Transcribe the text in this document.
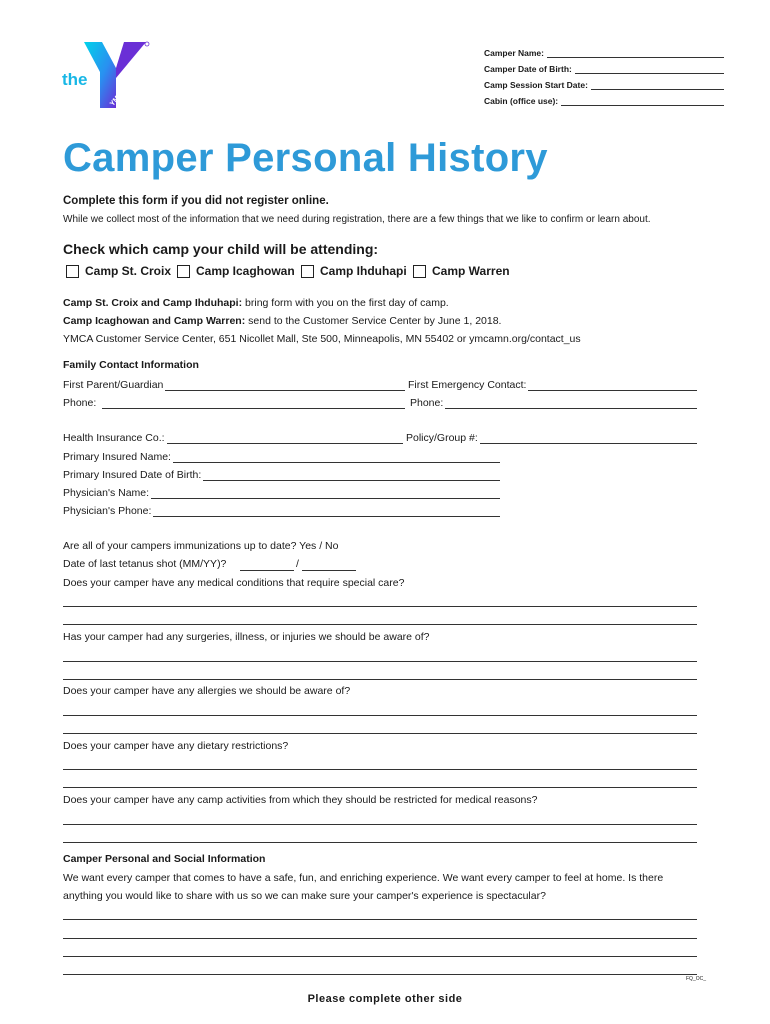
the
YMCA
Camper Name:
Camper Date of Birth:
Camp Session Start Date:
Cabin (office use):
Camper Personal History
Complete this form if you did not register online.
While we collect most of the information that we need during registration, there are a few things that we like to confirm or learn about.
Check which camp your child will be attending:
Camp St. Croix Camp Icaghowan Camp Ihduhapi Camp Warren
Camp St. Croix and Camp Ihduhapi: bring form with you on the first day of camp.
Camp Icaghowan and Camp Warren: send to the Customer Service Center by June 1, 2018.
YMCA Customer Service Center, 651 Nicollet Mall, Ste 500, Minneapolis, MN 55402 or ymcamn.org/contact_us
Family Contact Information
First Parent/Guardian	First Emergency Contact:
Phone:	Phone:
Health Insurance Co.:	Policy/Group #:
Primary Insured Name:
Primary Insured Date of Birth:
Physician's Name:
Physician's Phone:
Are all of your campers immunizations up to date? Yes / No
Date of last tetanus shot (MM/YY)?	/
Does your camper have any medical conditions that require special care?
Has your camper had any surgeries, illness, or injuries we should be aware of?
Does your camper have any allergies we should be aware of?
Does your camper have any dietary restrictions?
Does your camper have any camp activities from which they should be restricted for medical reasons?
Camper Personal and Social Information
We want every camper that comes to have a safe, fun, and enriching experience. We want every camper to feel at home. Is there
anything you would like to share with us so we can make sure your camper's experience is spectacular?
FQ_OC_
Please complete other side
